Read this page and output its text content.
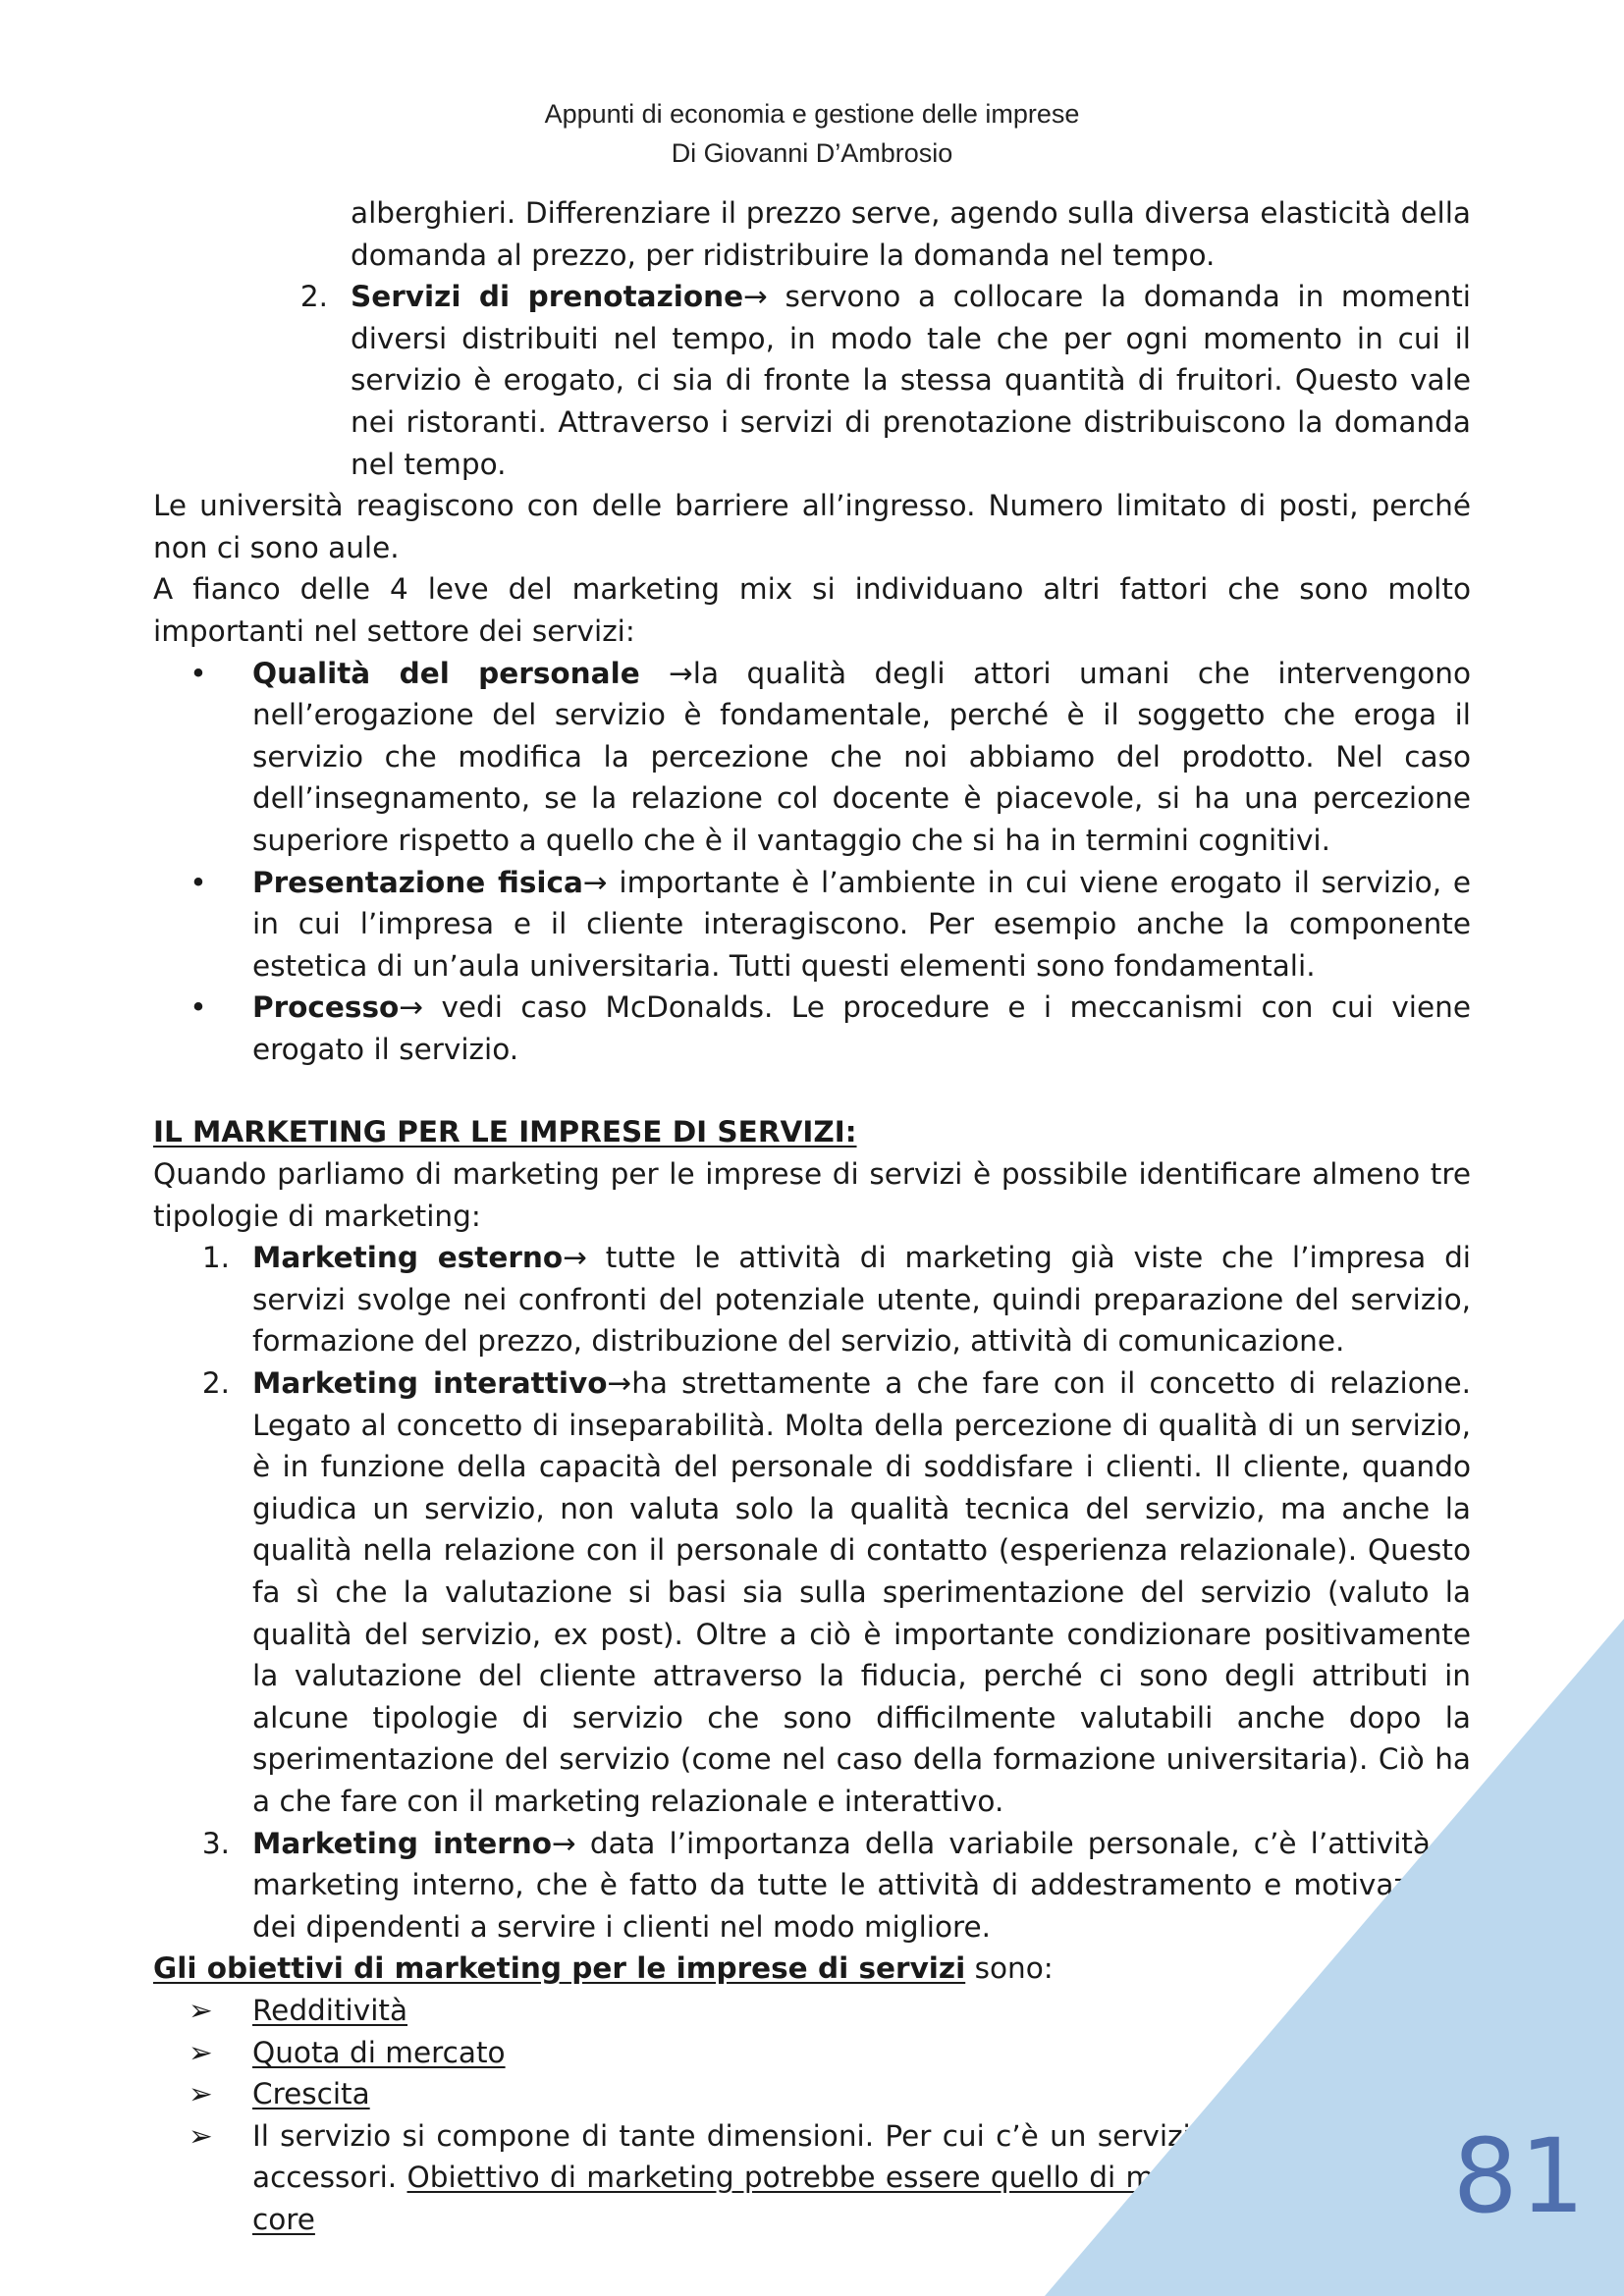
Appunti di economia e gestione delle imprese
Di Giovanni D’Ambrosio
alberghieri. Differenziare il prezzo serve, agendo sulla diversa elasticità della domanda al prezzo, per ridistribuire la domanda nel tempo.
2. Servizi di prenotazione→ servono a collocare la domanda in momenti diversi distribuiti nel tempo, in modo tale che per ogni momento in cui il servizio è erogato, ci sia di fronte la stessa quantità di fruitori. Questo vale nei ristoranti. Attraverso i servizi di prenotazione distribuiscono la domanda nel tempo.

Le università reagiscono con delle barriere all’ingresso. Numero limitato di posti, perché non ci sono aule.

A fianco delle 4 leve del marketing mix si individuano altri fattori che sono molto importanti nel settore dei servizi:

• Qualità del personale →la qualità degli attori umani che intervengono nell’erogazione del servizio è fondamentale, perché è il soggetto che eroga il servizio che modifica la percezione che noi abbiamo del prodotto. Nel caso dell’insegnamento, se la relazione col docente è piacevole, si ha una percezione superiore rispetto a quello che è il vantaggio che si ha in termini cognitivi.
• Presentazione fisica→ importante è l’ambiente in cui viene erogato il servizio, e in cui l’impresa e il cliente interagiscono. Per esempio anche la componente estetica di un’aula universitaria. Tutti questi elementi sono fondamentali.
• Processo→ vedi caso McDonalds. Le procedure e i meccanismi con cui viene erogato il servizio.

IL MARKETING PER LE IMPRESE DI SERVIZI:

Quando parliamo di marketing per le imprese di servizi è possibile identificare almeno tre tipologie di marketing:

1. Marketing esterno→ tutte le attività di marketing già viste che l’impresa di servizi svolge nei confronti del potenziale utente, quindi preparazione del servizio, formazione del prezzo, distribuzione del servizio, attività di comunicazione.
2. Marketing interattivo→ha strettamente a che fare con il concetto di relazione. Legato al concetto di inseparabilità. Molta della percezione di qualità di un servizio, è in funzione della capacità del personale di soddisfare i clienti. Il cliente, quando giudica un servizio, non valuta solo la qualità tecnica del servizio, ma anche la qualità nella relazione con il personale di contatto (esperienza relazionale). Questo fa sì che la valutazione si basi sia sulla sperimentazione del servizio (valuto la qualità del servizio, ex post). Oltre a ciò è importante condizionare positivamente la valutazione del cliente attraverso la fiducia, perché ci sono degli attributi in alcune tipologie di servizio che sono difficilmente valutabili anche dopo la sperimentazione del servizio (come nel caso della formazione universitaria). Ciò ha a che fare con il marketing relazionale e interattivo.
3. Marketing interno→ data l’importanza della variabile personale, c’è l’attività di marketing interno, che è fatto da tutte le attività di addestramento e motivazione dei dipendenti a servire i clienti nel modo migliore.

Gli obiettivi di marketing per le imprese di servizi sono:

➢ Redditività
➢ Quota di mercato
➢ Crescita
➢ Il servizio si compone di tante dimensioni. Per cui c’è un servizio core e dei servizi accessori. Obiettivo di marketing potrebbe essere quello di massimizzare il servizio core	81
